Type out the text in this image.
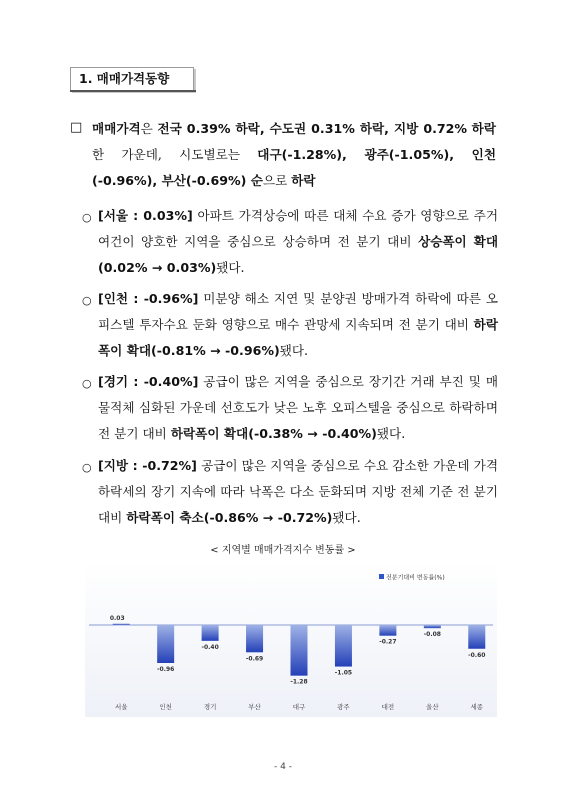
1. 매매가격동향
□ 매매가격은 전국 0.39% 하락, 수도권 0.31% 하락, 지방 0.72% 하락한 가운데, 시도별로는 대구(-1.28%), 광주(-1.05%), 인천 (-0.96%), 부산(-0.69%) 순으로 하락
○ [서울 : 0.03%] 아파트 가격상승에 따른 대체 수요 증가 영향으로 주거여건이 양호한 지역을 중심으로 상승하며 전 분기 대비 상승폭이 확대(0.02% → 0.03%)됐다.
○ [인천 : -0.96%] 미분양 해소 지연 및 분양권 방매가격 하락에 따른 오피스텔 투자수요 둔화 영향으로 매수 관망세 지속되며 전 분기 대비 하락폭이 확대(-0.81% → -0.96%)됐다.
○ [경기 : -0.40%] 공급이 많은 지역을 중심으로 장기간 거래 부진 및 매물적체 심화된 가운데 선호도가 낮은 노후 오피스텔을 중심으로 하락하며 전 분기 대비 하락폭이 확대(-0.38% → -0.40%)됐다.
○ [지방 : -0.72%] 공급이 많은 지역을 중심으로 수요 감소한 가운데 가격 하락세의 장기 지속에 따라 낙폭은 다소 둔화되며 지방 전체 기준 전 분기 대비 하락폭이 축소(-0.86% → -0.72%)됐다.
< 지역별 매매가격지수 변동률 >
전분기대비 변동률(%)
0.03
서울
-0.96
인천
-0.40
경기
-0.69
부산
-1.28
대구
-1.05
광주
-0.27
대전
-0.08
울산
-0.60
세종
- 4 -
